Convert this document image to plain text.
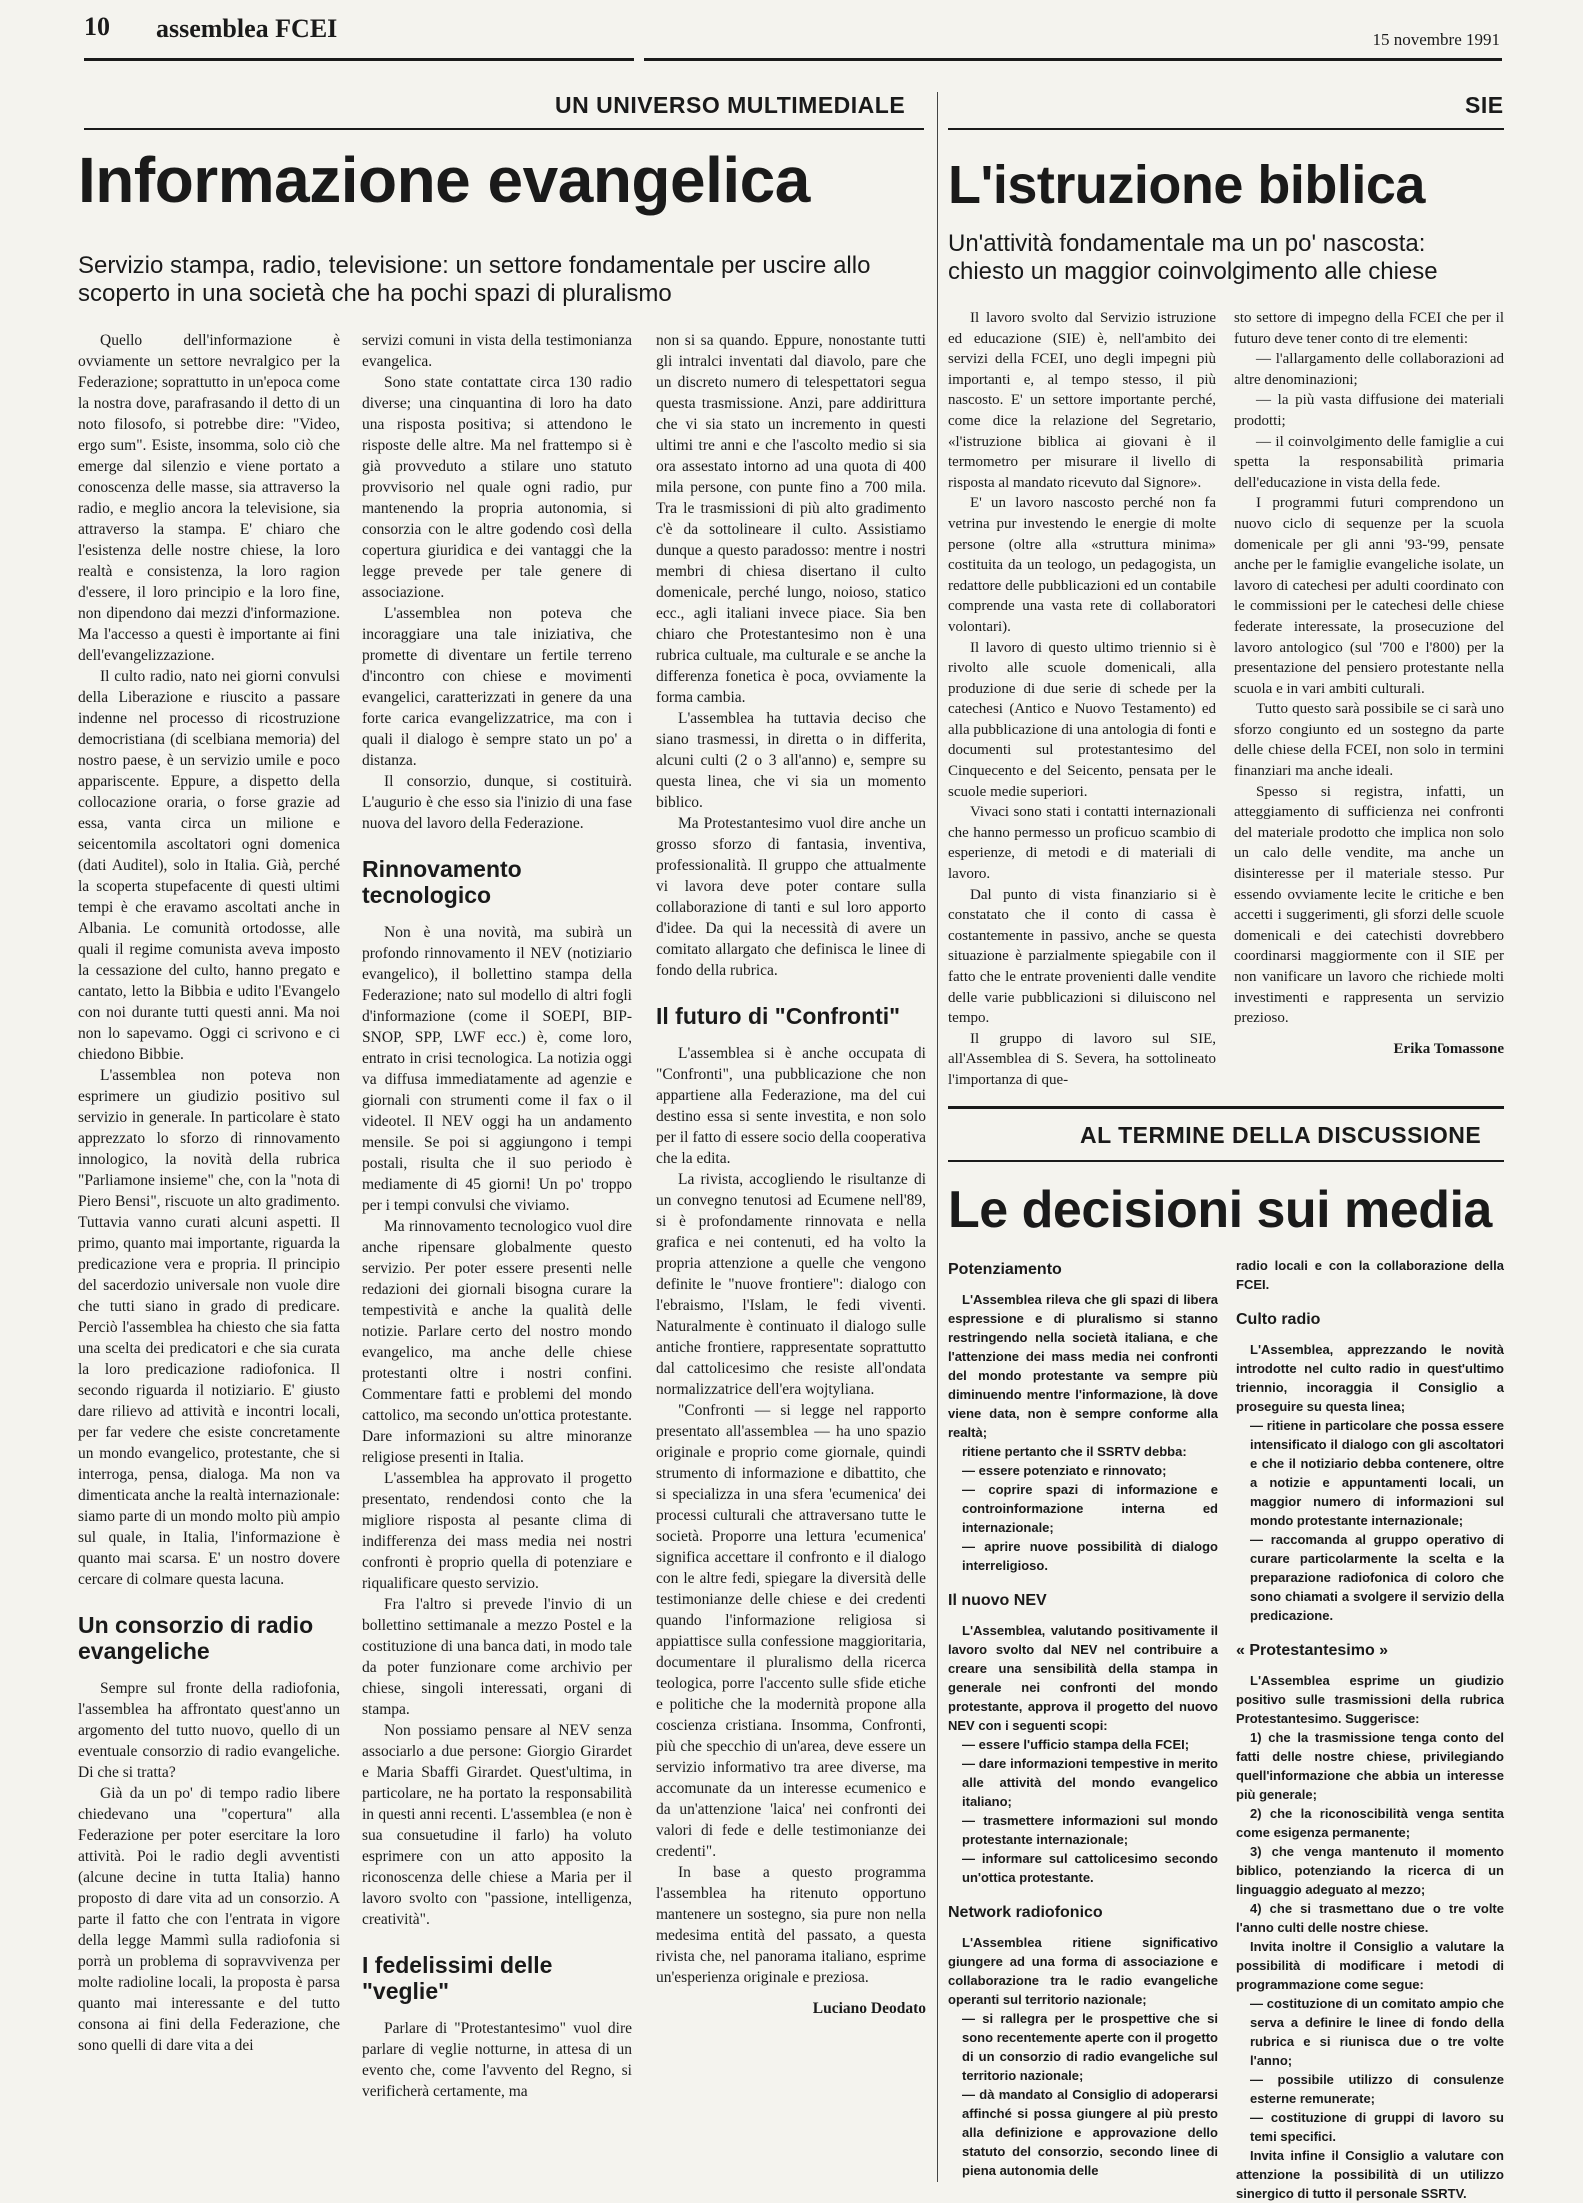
10 assemblea FCEI	15 novembre 1991
UN UNIVERSO MULTIMEDIALE
Informazione evangelica
Servizio stampa, radio, televisione: un settore fondamentale per uscire allo scoperto in una società che ha pochi spazi di pluralismo
SIE
L'istruzione biblica
Un'attività fondamentale ma un po' nascosta: chiesto un maggior coinvolgimento alle chiese

Quello dell'informazione è ovviamente un settore nevralgico per la Federazione; soprattutto in un'epoca come la nostra dove, parafrasando il detto di un noto filosofo, si potrebbe dire: "Video, ergo sum". Esiste, insomma, solo ciò che emerge dal silenzio e viene portato a conoscenza delle masse, sia attraverso la radio, e meglio ancora la televisione, sia attraverso la stampa. E' chiaro che l'esistenza delle nostre chiese, la loro realtà e consistenza, la loro ragion d'essere, il loro principio e la loro fine, non dipendono dai mezzi d'informazione. Ma l'accesso a questi è importante ai fini dell'evangelizzazione.

Il culto radio, nato nei giorni convulsi della Liberazione e riuscito a passare indenne nel processo di ricostruzione democristiana (di scelbiana memoria) del nostro paese, è un servizio umile e poco appariscente. Eppure, a dispetto della collocazione oraria, o forse grazie ad essa, vanta circa un milione e seicentomila ascoltatori ogni domenica (dati Auditel), solo in Italia. Già, perché la scoperta stupefacente di questi ultimi tempi è che eravamo ascoltati anche in Albania. Le comunità ortodosse, alle quali il regime comunista aveva imposto la cessazione del culto, hanno pregato e cantato, letto la Bibbia e udito l'Evangelo con noi durante tutti questi anni. Ma noi non lo sapevamo. Oggi ci scrivono e ci chiedono Bibbie.

L'assemblea non poteva non esprimere un giudizio positivo sul servizio in generale. In particolare è stato apprezzato lo sforzo di rinnovamento innologico, la novità della rubrica "Parliamone insieme" che, con la "nota di Piero Bensi", riscuote un alto gradimento. Tuttavia vanno curati alcuni aspetti. Il primo, quanto mai importante, riguarda la predicazione vera e propria. Il principio del sacerdozio universale non vuole dire che tutti siano in grado di predicare. Perciò l'assemblea ha chiesto che sia fatta una scelta dei predicatori e che sia curata la loro predicazione radiofonica. Il secondo riguarda il notiziario. E' giusto dare rilievo ad attività e incontri locali, per far vedere che esiste concretamente un mondo evangelico, protestante, che si interroga, pensa, dialoga. Ma non va dimenticata anche la realtà internazionale: siamo parte di un mondo molto più ampio sul quale, in Italia, l'informazione è quanto mai scarsa. E' un nostro dovere cercare di colmare questa lacuna.

Un consorzio di radio evangeliche

Sempre sul fronte della radiofonia, l'assemblea ha affrontato quest'anno un argomento del tutto nuovo, quello di un eventuale consorzio di radio evangeliche. Di che si tratta?

Già da un po' di tempo radio libere chiedevano una "copertura" alla Federazione per poter esercitare la loro attività. Poi le radio degli avventisti (alcune decine in tutta Italia) hanno proposto di dare vita ad un consorzio. A parte il fatto che con l'entrata in vigore della legge Mammì sulla radiofonia si porrà un problema di sopravvivenza per molte radioline locali, la proposta è parsa quanto mai interessante e del tutto consona ai fini della Federazione, che sono quelli di dare vita a dei

servizi comuni in vista della testimonianza evangelica.

Sono state contattate circa 130 radio diverse; una cinquantina di loro ha dato una risposta positiva; si attendono le risposte delle altre. Ma nel frattempo si è già provveduto a stilare uno statuto provvisorio nel quale ogni radio, pur mantenendo la propria autonomia, si consorzia con le altre godendo così della copertura giuridica e dei vantaggi che la legge prevede per tale genere di associazione.

L'assemblea non poteva che incoraggiare una tale iniziativa, che promette di diventare un fertile terreno d'incontro con chiese e movimenti evangelici, caratterizzati in genere da una forte carica evangelizzatrice, ma con i quali il dialogo è sempre stato un po' a distanza.

Il consorzio, dunque, si costituirà. L'augurio è che esso sia l'inizio di una fase nuova del lavoro della Federazione.

Rinnovamento tecnologico

Non è una novità, ma subirà un profondo rinnovamento il NEV (notiziario evangelico), il bollettino stampa della Federazione; nato sul modello di altri fogli d'informazione (come il SOEPI, BIP-SNOP, SPP, LWF ecc.) è, come loro, entrato in crisi tecnologica. La notizia oggi va diffusa immediatamente ad agenzie e giornali con strumenti come il fax o il videotel. Il NEV oggi ha un andamento mensile. Se poi si aggiungono i tempi postali, risulta che il suo periodo è mediamente di 45 giorni! Un po' troppo per i tempi convulsi che viviamo.

Ma rinnovamento tecnologico vuol dire anche ripensare globalmente questo servizio. Per poter essere presenti nelle redazioni dei giornali bisogna curare la tempestività e anche la qualità delle notizie. Parlare certo del nostro mondo evangelico, ma anche delle chiese protestanti oltre i nostri confini. Commentare fatti e problemi del mondo cattolico, ma secondo un'ottica protestante. Dare informazioni su altre minoranze religiose presenti in Italia.

L'assemblea ha approvato il progetto presentato, rendendosi conto che la migliore risposta al pesante clima di indifferenza dei mass media nei nostri confronti è proprio quella di potenziare e riqualificare questo servizio.

Fra l'altro si prevede l'invio di un bollettino settimanale a mezzo Postel e la costituzione di una banca dati, in modo tale da poter funzionare come archivio per chiese, singoli interessati, organi di stampa.

Non possiamo pensare al NEV senza associarlo a due persone: Giorgio Girardet e Maria Sbaffi Girardet. Quest'ultima, in particolare, ne ha portato la responsabilità in questi anni recenti. L'assemblea (e non è sua consuetudine il farlo) ha voluto esprimere con un atto apposito la riconoscenza delle chiese a Maria per il lavoro svolto con "passione, intelligenza, creatività".

I fedelissimi delle "veglie"

Parlare di "Protestantesimo" vuol dire parlare di veglie notturne, in attesa di un evento che, come l'avvento del Regno, si verificherà certamente, ma

non si sa quando. Eppure, nonostante tutti gli intralci inventati dal diavolo, pare che un discreto numero di telespettatori segua questa trasmissione. Anzi, pare addirittura che vi sia stato un incremento in questi ultimi tre anni e che l'ascolto medio si sia ora assestato intorno ad una quota di 400 mila persone, con punte fino a 700 mila. Tra le trasmissioni di più alto gradimento c'è da sottolineare il culto. Assistiamo dunque a questo paradosso: mentre i nostri membri di chiesa disertano il culto domenicale, perché lungo, noioso, statico ecc., agli italiani invece piace. Sia ben chiaro che Protestantesimo non è una rubrica cultuale, ma culturale e se anche la differenza fonetica è poca, ovviamente la forma cambia.

L'assemblea ha tuttavia deciso che siano trasmessi, in diretta o in differita, alcuni culti (2 o 3 all'anno) e, sempre su questa linea, che vi sia un momento biblico.

Ma Protestantesimo vuol dire anche un grosso sforzo di fantasia, inventiva, professionalità. Il gruppo che attualmente vi lavora deve poter contare sulla collaborazione di tanti e sul loro apporto d'idee. Da qui la necessità di avere un comitato allargato che definisca le linee di fondo della rubrica.

Il futuro di "Confronti"

L'assemblea si è anche occupata di "Confronti", una pubblicazione che non appartiene alla Federazione, ma del cui destino essa si sente investita, e non solo per il fatto di essere socio della cooperativa che la edita.

La rivista, accogliendo le risultanze di un convegno tenutosi ad Ecumene nell'89, si è profondamente rinnovata e nella grafica e nei contenuti, ed ha volto la propria attenzione a quelle che vengono definite le "nuove frontiere": dialogo con l'ebraismo, l'Islam, le fedi viventi. Naturalmente è continuato il dialogo sulle antiche frontiere, rappresentate soprattutto dal cattolicesimo che resiste all'ondata normalizzatrice dell'era wojtyliana.

"Confronti — si legge nel rapporto presentato all'assemblea — ha uno spazio originale e proprio come giornale, quindi strumento di informazione e dibattito, che si specializza in una sfera 'ecumenica' dei processi culturali che attraversano tutte le società. Proporre una lettura 'ecumenica' significa accettare il confronto e il dialogo con le altre fedi, spiegare la diversità delle testimonianze delle chiese e dei credenti quando l'informazione religiosa si appiattisce sulla confessione maggioritaria, documentare il pluralismo della ricerca teologica, porre l'accento sulle sfide etiche e politiche che la modernità propone alla coscienza cristiana. Insomma, Confronti, più che specchio di un'area, deve essere un servizio informativo tra aree diverse, ma accomunate da un interesse ecumenico e da un'attenzione 'laica' nei confronti dei valori di fede e delle testimonianze dei credenti".

In base a questo programma l'assemblea ha ritenuto opportuno mantenere un sostegno, sia pure non nella medesima entità del passato, a questa rivista che, nel panorama italiano, esprime un'esperienza originale e preziosa.

Luciano Deodato

Il lavoro svolto dal Servizio istruzione ed educazione (SIE) è, nell'ambito dei servizi della FCEI, uno degli impegni più importanti e, al tempo stesso, il più nascosto. E' un settore importante perché, come dice la relazione del Segretario, «l'istruzione biblica ai giovani è il termometro per misurare il livello di risposta al mandato ricevuto dal Signore».

E' un lavoro nascosto perché non fa vetrina pur investendo le energie di molte persone (oltre alla «struttura minima» costituita da un teologo, un pedagogista, un redattore delle pubblicazioni ed un contabile comprende una vasta rete di collaboratori volontari).

Il lavoro di questo ultimo triennio si è rivolto alle scuole domenicali, alla produzione di due serie di schede per la catechesi (Antico e Nuovo Testamento) ed alla pubblicazione di una antologia di fonti e documenti sul protestantesimo del Cinquecento e del Seicento, pensata per le scuole medie superiori.

Vivaci sono stati i contatti internazionali che hanno permesso un proficuo scambio di esperienze, di metodi e di materiali di lavoro.

Dal punto di vista finanziario si è constatato che il conto di cassa è costantemente in passivo, anche se questa situazione è parzialmente spiegabile con il fatto che le entrate provenienti dalle vendite delle varie pubblicazioni si diluiscono nel tempo.

Il gruppo di lavoro sul SIE, all'Assemblea di S. Severa, ha sottolineato l'importanza di que-

sto settore di impegno della FCEI che per il futuro deve tener conto di tre elementi:

— l'allargamento delle collaborazioni ad altre denominazioni;

— la più vasta diffusione dei materiali prodotti;

— il coinvolgimento delle famiglie a cui spetta la responsabilità primaria dell'educazione in vista della fede.

I programmi futuri comprendono un nuovo ciclo di sequenze per la scuola domenicale per gli anni '93-'99, pensate anche per le famiglie evangeliche isolate, un lavoro di catechesi per adulti coordinato con le commissioni per le catechesi delle chiese federate interessate, la prosecuzione del lavoro antologico (sul '700 e l'800) per la presentazione del pensiero protestante nella scuola e in vari ambiti culturali.

Tutto questo sarà possibile se ci sarà uno sforzo congiunto ed un sostegno da parte delle chiese della FCEI, non solo in termini finanziari ma anche ideali.

Spesso si registra, infatti, un atteggiamento di sufficienza nei confronti del materiale prodotto che implica non solo un calo delle vendite, ma anche un disinteresse per il materiale stesso. Pur essendo ovviamente lecite le critiche e ben accetti i suggerimenti, gli sforzi delle scuole domenicali e dei catechisti dovrebbero coordinarsi maggiormente con il SIE per non vanificare un lavoro che richiede molti investimenti e rappresenta un servizio prezioso.

Erika Tomassone
AL TERMINE DELLA DISCUSSIONE
Le decisioni sui media
Potenziamento

L'Assemblea rileva che gli spazi di libera espressione e di pluralismo si stanno restringendo nella società italiana, e che l'attenzione dei mass media nei confronti del mondo protestante va sempre più diminuendo mentre l'informazione, là dove viene data, non è sempre conforme alla realtà;

ritiene pertanto che il SSRTV debba:

— essere potenziato e rinnovato;

— coprire spazi di informazione e controinformazione interna ed internazionale;

— aprire nuove possibilità di dialogo interreligioso.

Il nuovo NEV

L'Assemblea, valutando positivamente il lavoro svolto dal NEV nel contribuire a creare una sensibilità della stampa in generale nei confronti del mondo protestante, approva il progetto del nuovo NEV con i seguenti scopi:

— essere l'ufficio stampa della FCEI;

— dare informazioni tempestive in merito alle attività del mondo evangelico italiano;

— trasmettere informazioni sul mondo protestante internazionale;

— informare sul cattolicesimo secondo un'ottica protestante.

Network radiofonico

L'Assemblea ritiene significativo giungere ad una forma di associazione e collaborazione tra le radio evangeliche operanti sul territorio nazionale;

— si rallegra per le prospettive che si sono recentemente aperte con il progetto di un consorzio di radio evangeliche sul territorio nazionale;

— dà mandato al Consiglio di adoperarsi affinché si possa giungere al più presto alla definizione e approvazione dello statuto del consorzio, secondo linee di piena autonomia delle

radio locali e con la collaborazione della FCEI.

Culto radio

L'Assemblea, apprezzando le novità introdotte nel culto radio in quest'ultimo triennio, incoraggia il Consiglio a proseguire su questa linea;

— ritiene in particolare che possa essere intensificato il dialogo con gli ascoltatori e che il notiziario debba contenere, oltre a notizie e appuntamenti locali, un maggior numero di informazioni sul mondo protestante internazionale;

— raccomanda al gruppo operativo di curare particolarmente la scelta e la preparazione radiofonica di coloro che sono chiamati a svolgere il servizio della predicazione.

« Protestantesimo »

L'Assemblea esprime un giudizio positivo sulle trasmissioni della rubrica Protestantesimo. Suggerisce:

1) che la trasmissione tenga conto del fatti delle nostre chiese, privilegiando quell'informazione che abbia un interesse più generale;

2) che la riconoscibilità venga sentita come esigenza permanente;

3) che venga mantenuto il momento biblico, potenziando la ricerca di un linguaggio adeguato al mezzo;

4) che si trasmettano due o tre volte l'anno culti delle nostre chiese.

Invita inoltre il Consiglio a valutare la possibilità di modificare i metodi di programmazione come segue:

— costituzione di un comitato ampio che serva a definire le linee di fondo della rubrica e si riunisca due o tre volte l'anno;

— possibile utilizzo di consulenze esterne remunerate;

— costituzione di gruppi di lavoro su temi specifici.

Invita infine il Consiglio a valutare con attenzione la possibilità di un utilizzo sinergico di tutto il personale SSRTV.
